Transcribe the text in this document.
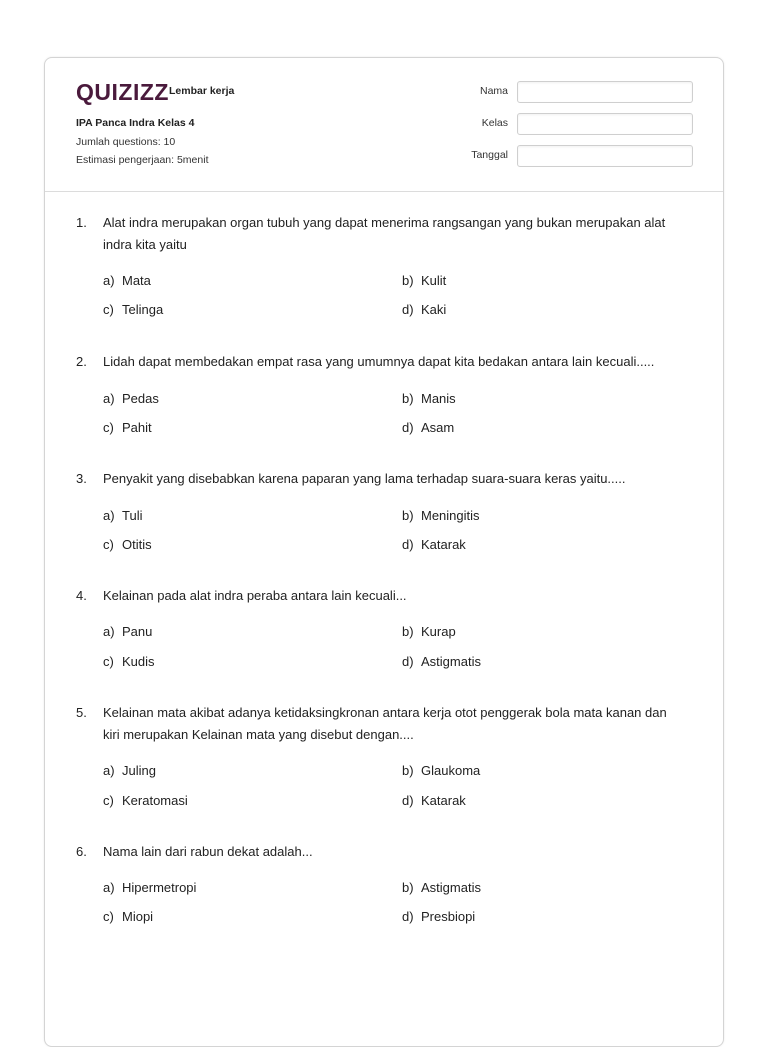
QUIZIZZ Lembar kerja
IPA Panca Indra Kelas 4
Jumlah questions: 10
Estimasi pengerjaan: 5menit
Nama
Kelas
Tanggal
1. Alat indra merupakan organ tubuh yang dapat menerima rangsangan yang bukan merupakan alat indra kita yaitu
a) Mata	b) Kulit
c) Telinga	d) Kaki
2. Lidah dapat membedakan empat rasa yang umumnya dapat kita bedakan antara lain kecuali.....
a) Pedas	b) Manis
c) Pahit	d) Asam
3. Penyakit yang disebabkan karena paparan yang lama terhadap suara-suara keras yaitu.....
a) Tuli	b) Meningitis
c) Otitis	d) Katarak
4. Kelainan pada alat indra peraba antara lain kecuali...
a) Panu	b) Kurap
c) Kudis	d) Astigmatis
5. Kelainan mata akibat adanya ketidaksingkronan antara kerja otot penggerak bola mata kanan dan kiri merupakan Kelainan mata yang disebut dengan....
a) Juling	b) Glaukoma
c) Keratomasi	d) Katarak
6. Nama lain dari rabun dekat adalah...
a) Hipermetropi	b) Astigmatis
c) Miopi	d) Presbiopi
